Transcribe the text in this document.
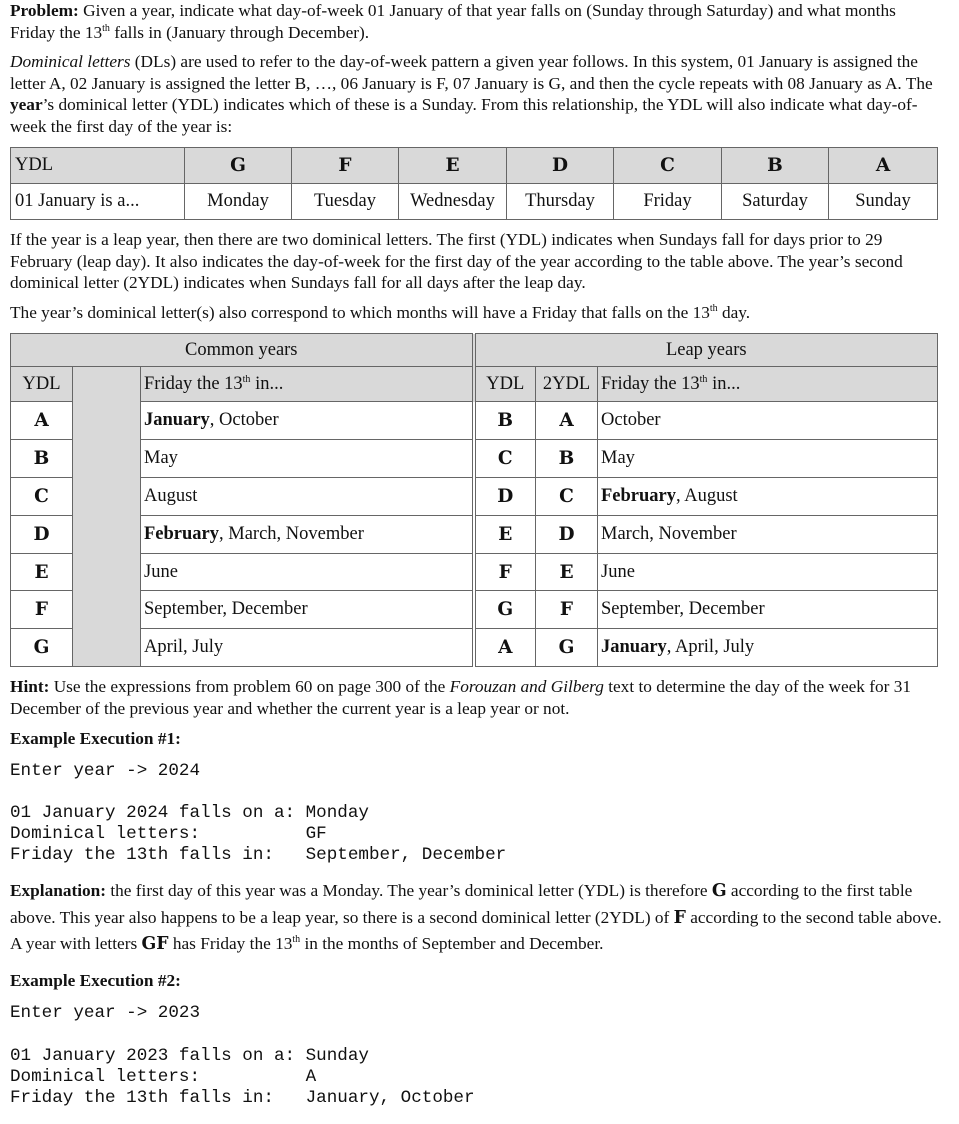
Problem: Given a year, indicate what day-of-week 01 January of that year falls on (Sunday through Saturday) and what months Friday the 13th falls in (January through December).

Dominical letters (DLs) are used to refer to the day-of-week pattern a given year follows. In this system, 01 January is assigned the letter A, 02 January is assigned the letter B, …, 06 January is F, 07 January is G, and then the cycle repeats with 08 January as A. The year’s dominical letter (YDL) indicates which of these is a Sunday. From this relationship, the YDL will also indicate what day-of-week the first day of the year is:

YDL	G	F	E	D	C	B	A
01 January is a...	Monday	Tuesday	Wednesday	Thursday	Friday	Saturday	Sunday

If the year is a leap year, then there are two dominical letters. The first (YDL) indicates when Sundays fall for days prior to 29 February (leap day). It also indicates the day-of-week for the first day of the year according to the table above. The year’s second dominical letter (2YDL) indicates when Sundays fall for all days after the leap day.

The year’s dominical letter(s) also correspond to which months will have a Friday that falls on the 13th day.

Common years			Leap years		
YDL		Friday the 13th in...	YDL	2YDL	Friday the 13th in...
A		January, October	B	A	October
B		May	C	B	May
C		August	D	C	February, August
D		February, March, November	E	D	March, November
E		June	F	E	June
F		September, December	G	F	September, December
G		April, July	A	G	January, April, July

Hint: Use the expressions from problem 60 on page 300 of the Forouzan and Gilberg text to determine the day of the week for 31 December of the previous year and whether the current year is a leap year or not.

Example Execution #1:

Enter year -> 2024
01 January 2024 falls on a: Monday
Dominical letters:          GF
Friday the 13th falls in:   September, December

Explanation: the first day of this year was a Monday. The year’s dominical letter (YDL) is therefore G according to the first table above. This year also happens to be a leap year, so there is a second dominical letter (2YDL) of F according to the second table above. A year with letters GF has Friday the 13th in the months of September and December.

Example Execution #2:

Enter year -> 2023
01 January 2023 falls on a: Sunday
Dominical letters:          A
Friday the 13th falls in:   January, October
